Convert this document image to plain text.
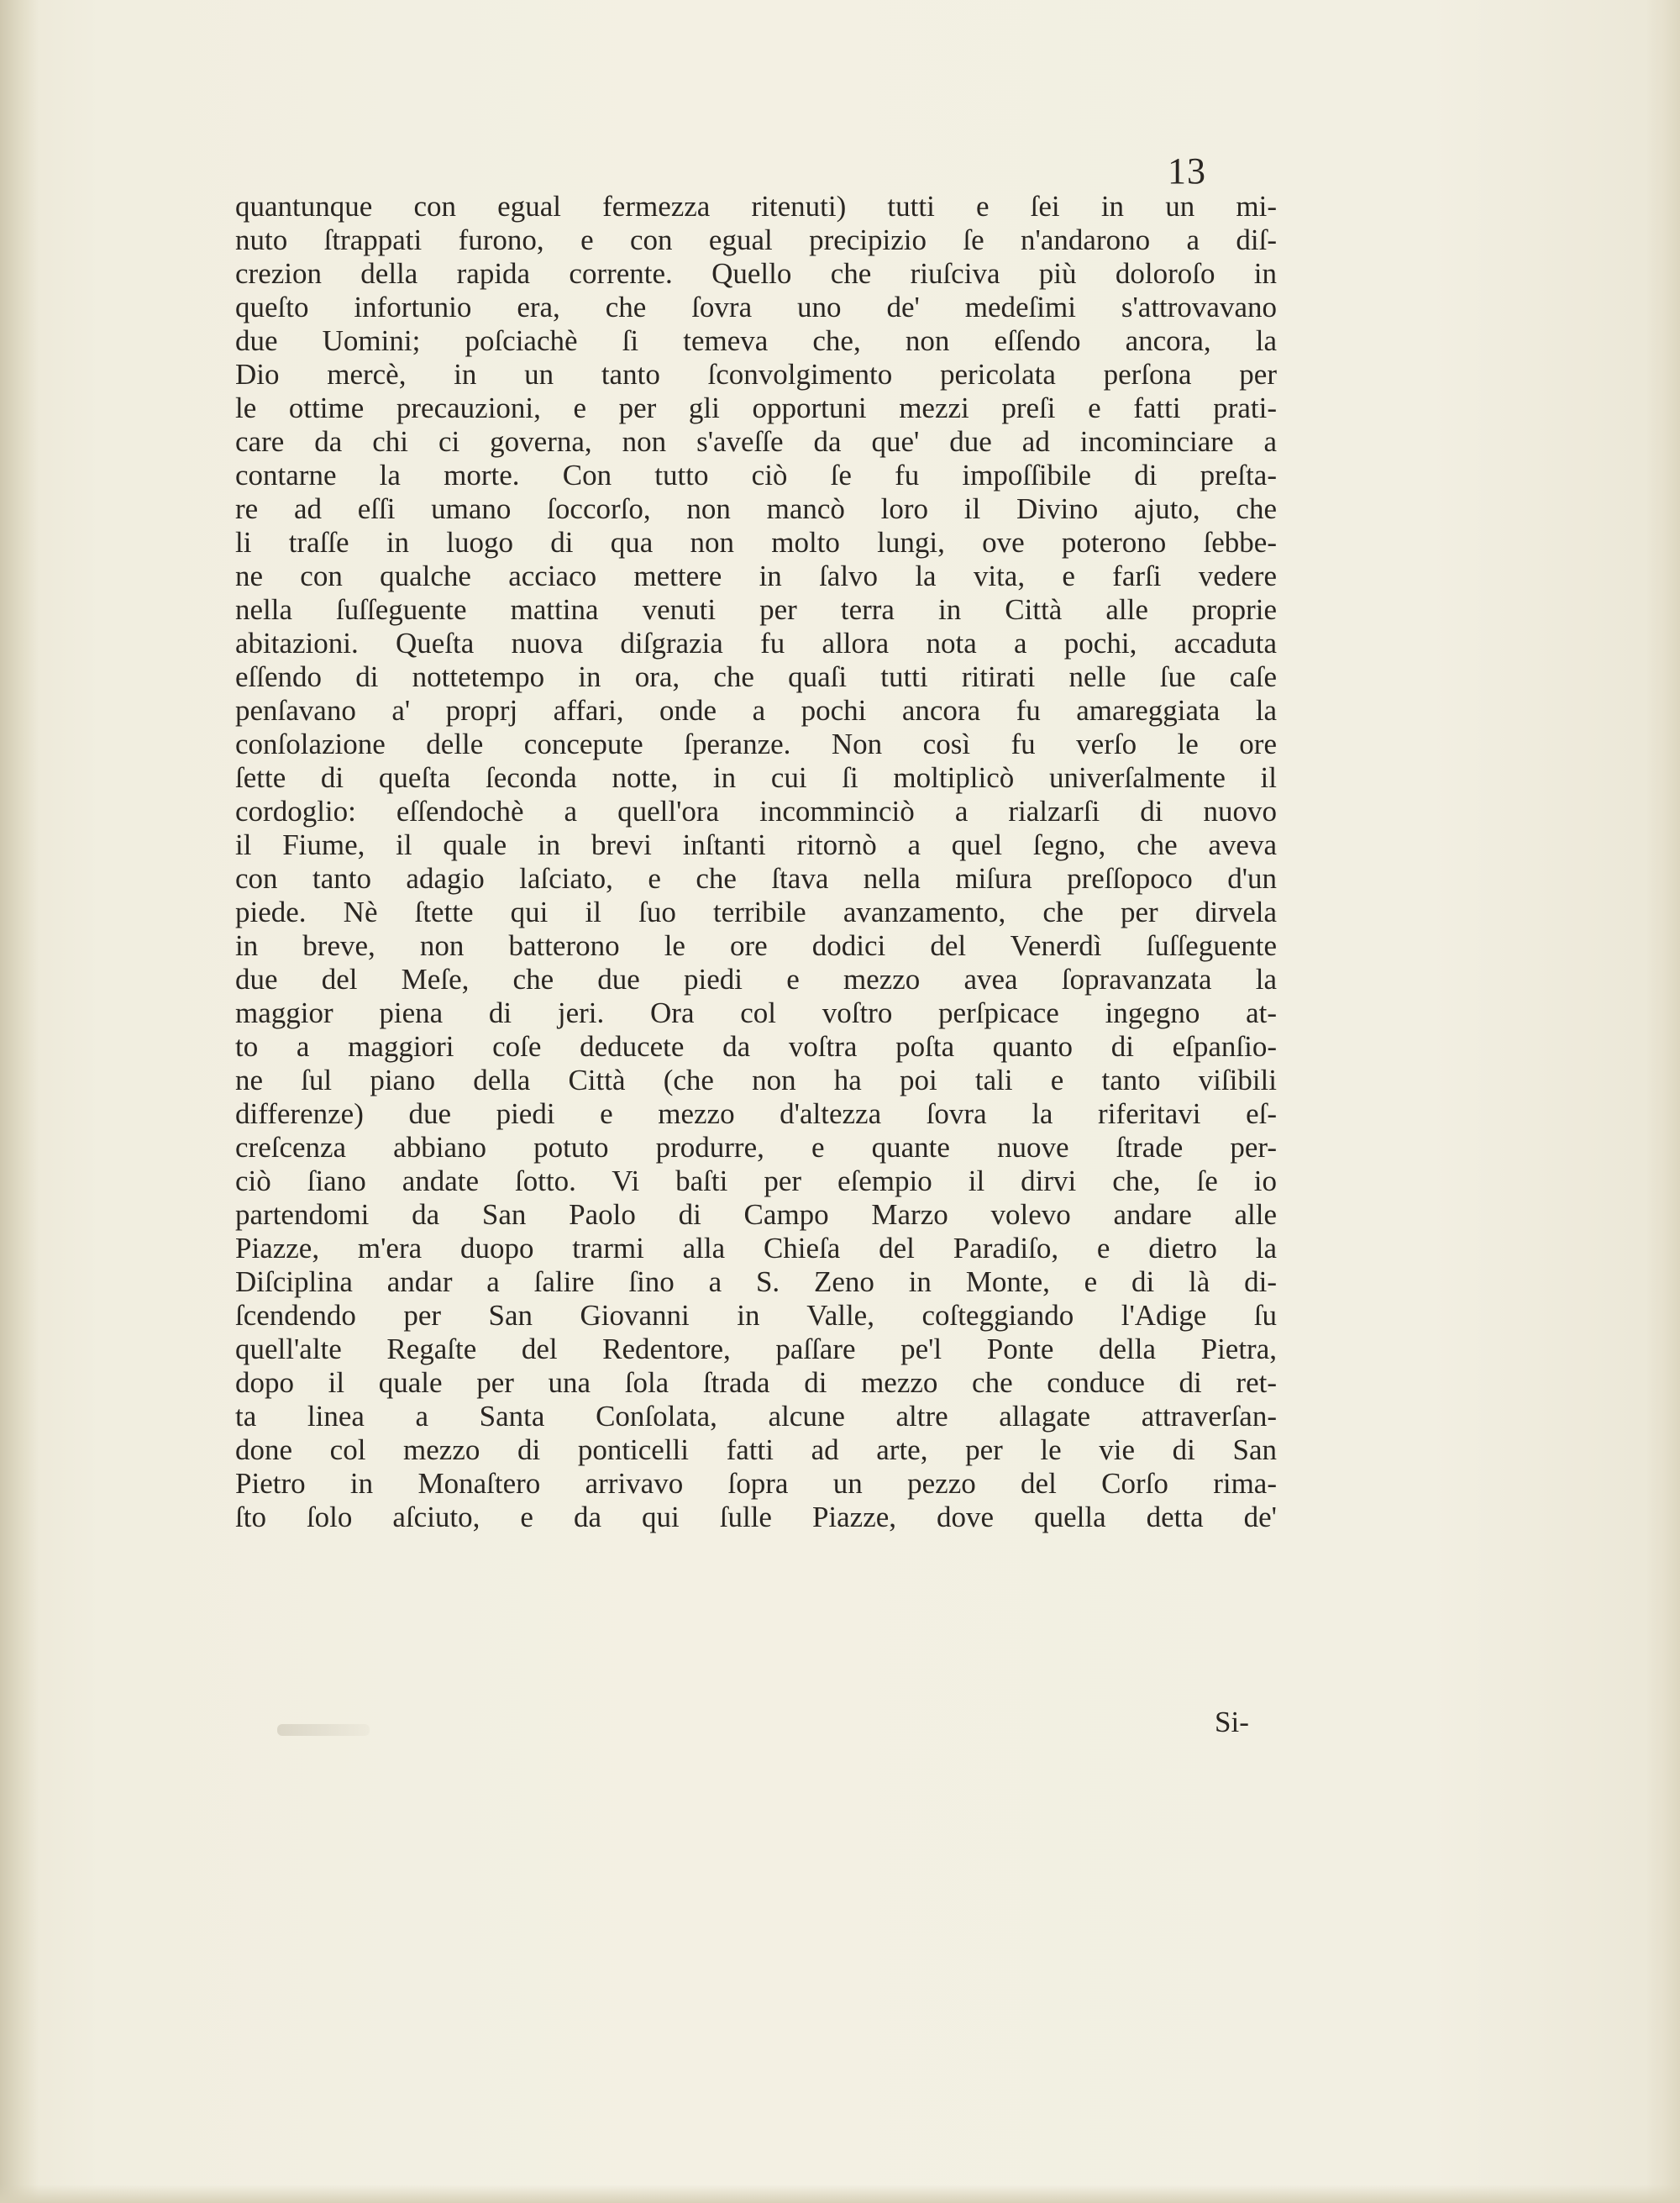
13
quantunque con egual fermezza ritenuti) tutti e ſei in un mi-
nuto ſtrappati furono, e con egual precipizio ſe n'andarono a diſ-
crezion della rapida corrente. Quello che riuſciva più doloroſo in
queſto infortunio era, che ſovra uno de' medeſimi s'attrovavano
due Uomini; poſciachè ſi temeva che, non eſſendo ancora, la
Dio mercè, in un tanto ſconvolgimento pericolata perſona per
le ottime precauzioni, e per gli opportuni mezzi preſi e fatti prati-
care da chi ci governa, non s'aveſſe da que' due ad incominciare a
contarne la morte. Con tutto ciò ſe fu impoſſibile di preſta-
re ad eſſi umano ſoccorſo, non mancò loro il Divino ajuto, che
li traſſe in luogo di qua non molto lungi, ove poterono ſebbe-
ne con qualche acciaco mettere in ſalvo la vita, e farſi vedere
nella ſuſſeguente mattina venuti per terra in Città alle proprie
abitazioni. Queſta nuova diſgrazia fu allora nota a pochi, accaduta
eſſendo di nottetempo in ora, che quaſi tutti ritirati nelle ſue caſe
penſavano a' proprj affari, onde a pochi ancora fu amareggiata la
conſolazione delle concepute ſperanze. Non così fu verſo le ore
ſette di queſta ſeconda notte, in cui ſi moltiplicò univerſalmente il
cordoglio: eſſendochè a quell'ora incomminciò a rialzarſi di nuovo
il Fiume, il quale in brevi inſtanti ritornò a quel ſegno, che aveva
con tanto adagio laſciato, e che ſtava nella miſura preſſopoco d'un
piede. Nè ſtette qui il ſuo terribile avanzamento, che per dirvela
in breve, non batterono le ore dodici del Venerdì ſuſſeguente
due del Meſe, che due piedi e mezzo avea ſopravanzata la
maggior piena di jeri. Ora col voſtro perſpicace ingegno at-
to a maggiori coſe deducete da voſtra poſta quanto di eſpanſio-
ne ſul piano della Città (che non ha poi tali e tanto viſibili
differenze) due piedi e mezzo d'altezza ſovra la riferitavi eſ-
creſcenza abbiano potuto produrre, e quante nuove ſtrade per-
ciò ſiano andate ſotto. Vi baſti per eſempio il dirvi che, ſe io
partendomi da San Paolo di Campo Marzo volevo andare alle
Piazze, m'era duopo trarmi alla Chieſa del Paradiſo, e dietro la
Diſciplina andar a ſalire ſino a S. Zeno in Monte, e di là di-
ſcendendo per San Giovanni in Valle, coſteggiando l'Adige ſu
quell'alte Regaſte del Redentore, paſſare pe'l Ponte della Pietra,
dopo il quale per una ſola ſtrada di mezzo che conduce di ret-
ta linea a Santa Conſolata, alcune altre allagate attraverſan-
done col mezzo di ponticelli fatti ad arte, per le vie di San
Pietro in Monaſtero arrivavo ſopra un pezzo del Corſo rima-
ſto ſolo aſciuto, e da qui ſulle Piazze, dove quella detta de'
Si-
